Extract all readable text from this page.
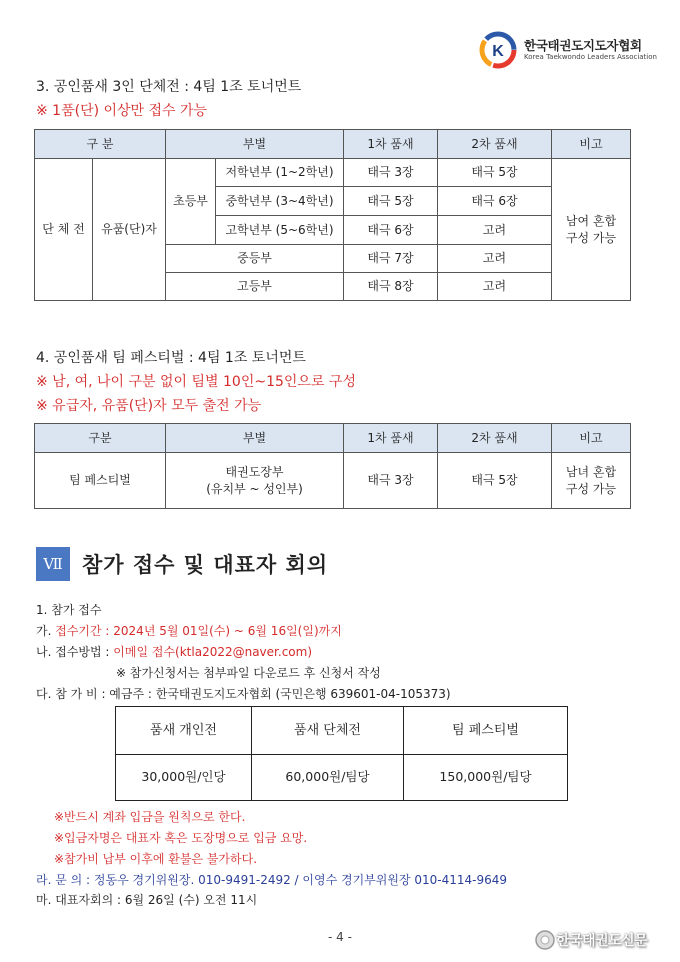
K 한국태권도지도자협회
Korea Taekwondo Leaders Association
3. 공인품새 3인 단체전 : 4팀 1조 토너먼트
※ 1품(단) 이상만 접수 가능
구 분		부별		1차 품새	2차 품새	비고
단 체 전	유품(단)자	초등부	저학년부 (1~2학년)	태극 3장	태극 5장	남여 혼합
구성 가능
			중학년부 (3~4학년)	태극 5장	태극 6장	
			고학년부 (5~6학년)	태극 6장	고려	
		중등부		태극 7장	고려	
		고등부		태극 8장	고려	
4. 공인품새 팀 페스티벌 : 4팀 1조 토너먼트
※ 남, 여, 나이 구분 없이 팀별 10인~15인으로 구성
※ 유급자, 유품(단)자 모두 출전 가능
구분	부별	1차 품새	2차 품새	비고
팀 페스티벌	태권도장부
(유치부 ~ 성인부)	태극 3장	태극 5장	남녀 혼합
구성 가능
Ⅶ 참가 접수 및 대표자 회의
1. 참가 접수
가. 접수기간 : 2024년 5월 01일(수) ~ 6월 16일(일)까지
나. 접수방법 : 이메일 접수(ktla2022@naver.com)
※ 참가신청서는 첨부파일 다운로드 후 신청서 작성
다. 참 가 비 : 예금주 : 한국태권도지도자협회 (국민은행 639601-04-105373)
품새 개인전	품새 단체전	팀 페스티벌
30,000원/인당	60,000원/팀당	150,000원/팀당
※반드시 계좌 입금을 원칙으로 한다.
※입금자명은 대표자 혹은 도장명으로 입금 요망.
※참가비 납부 이후에 환불은 불가하다.
라. 문 의 : 정동우 경기위원장. 010-9491-2492 / 이영수 경기부위원장 010-4114-9649
마. 대표자회의 : 6월 26일 (수) 오전 11시
- 4 -	한국태권도신문
